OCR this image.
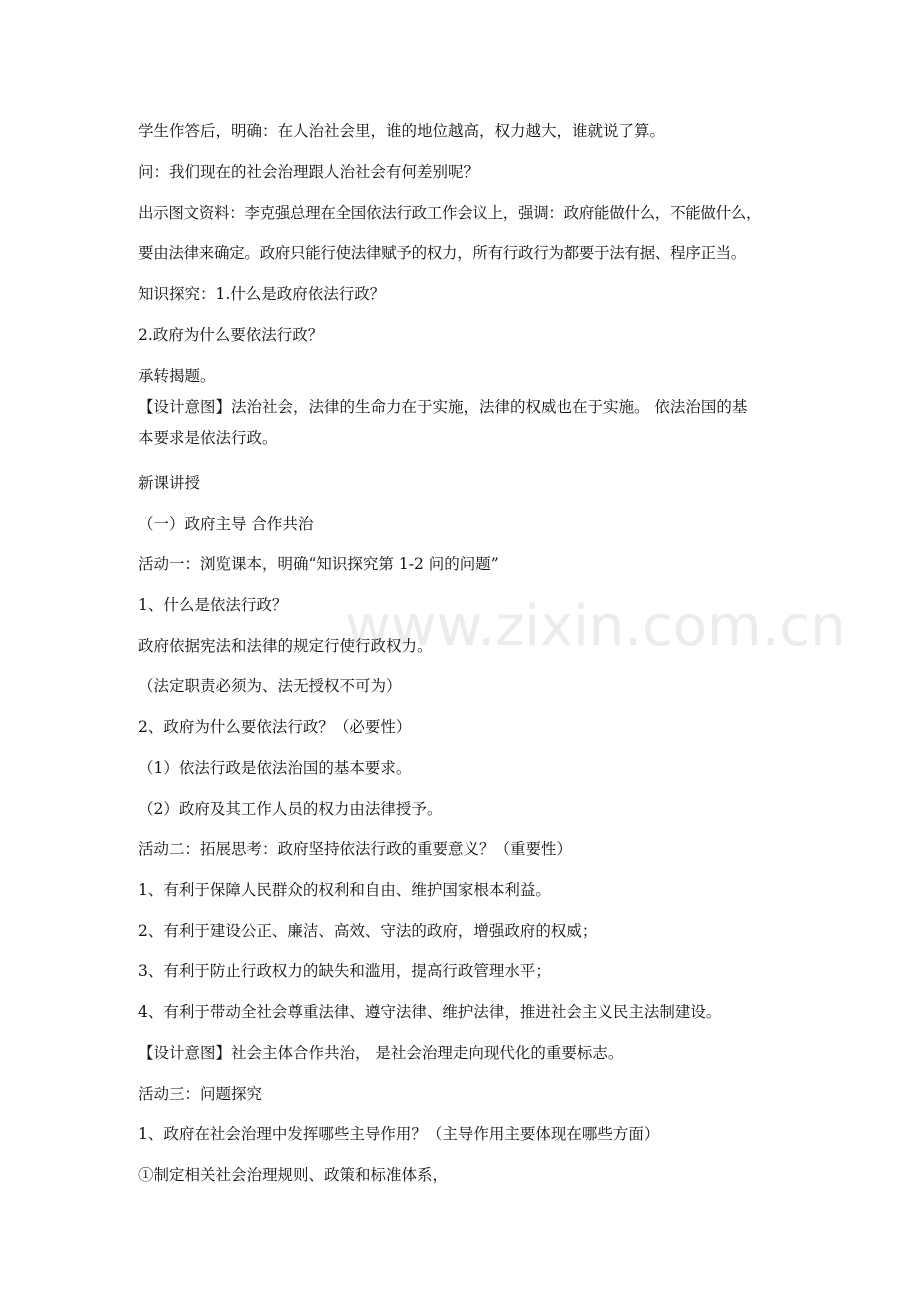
www.zixin.com.cn
学生作答后，明确：在人治社会里，谁的地位越高，权力越大，谁就说了算。
问：我们现在的社会治理跟人治社会有何差别呢？
出示图文资料：李克强总理在全国依法行政工作会议上，强调：政府能做什么，不能做什么，
要由法律来确定。政府只能行使法律赋予的权力，所有行政行为都要于法有据、程序正当。
知识探究：1.什么是政府依法行政？
2.政府为什么要依法行政？
承转揭题。
【设计意图】法治社会，法律的生命力在于实施，法律的权威也在于实施。 依法治国的基
本要求是依法行政。
新课讲授
（一）政府主导 合作共治
活动一：浏览课本，明确“知识探究第 1-2 问的问题”
1、什么是依法行政？
政府依据宪法和法律的规定行使行政权力。
（法定职责必须为、法无授权不可为）
2、政府为什么要依法行政？（必要性）
（1）依法行政是依法治国的基本要求。
（2）政府及其工作人员的权力由法律授予。
活动二：拓展思考：政府坚持依法行政的重要意义？（重要性）
1、有利于保障人民群众的权利和自由、维护国家根本利益。
2、有利于建设公正、廉洁、高效、守法的政府，增强政府的权威；
3、有利于防止行政权力的缺失和滥用，提高行政管理水平；
4、有利于带动全社会尊重法律、遵守法律、维护法律，推进社会主义民主法制建设。
【设计意图】社会主体合作共治， 是社会治理走向现代化的重要标志。
活动三：问题探究
1、政府在社会治理中发挥哪些主导作用？（主导作用主要体现在哪些方面）
①制定相关社会治理规则、政策和标准体系，
